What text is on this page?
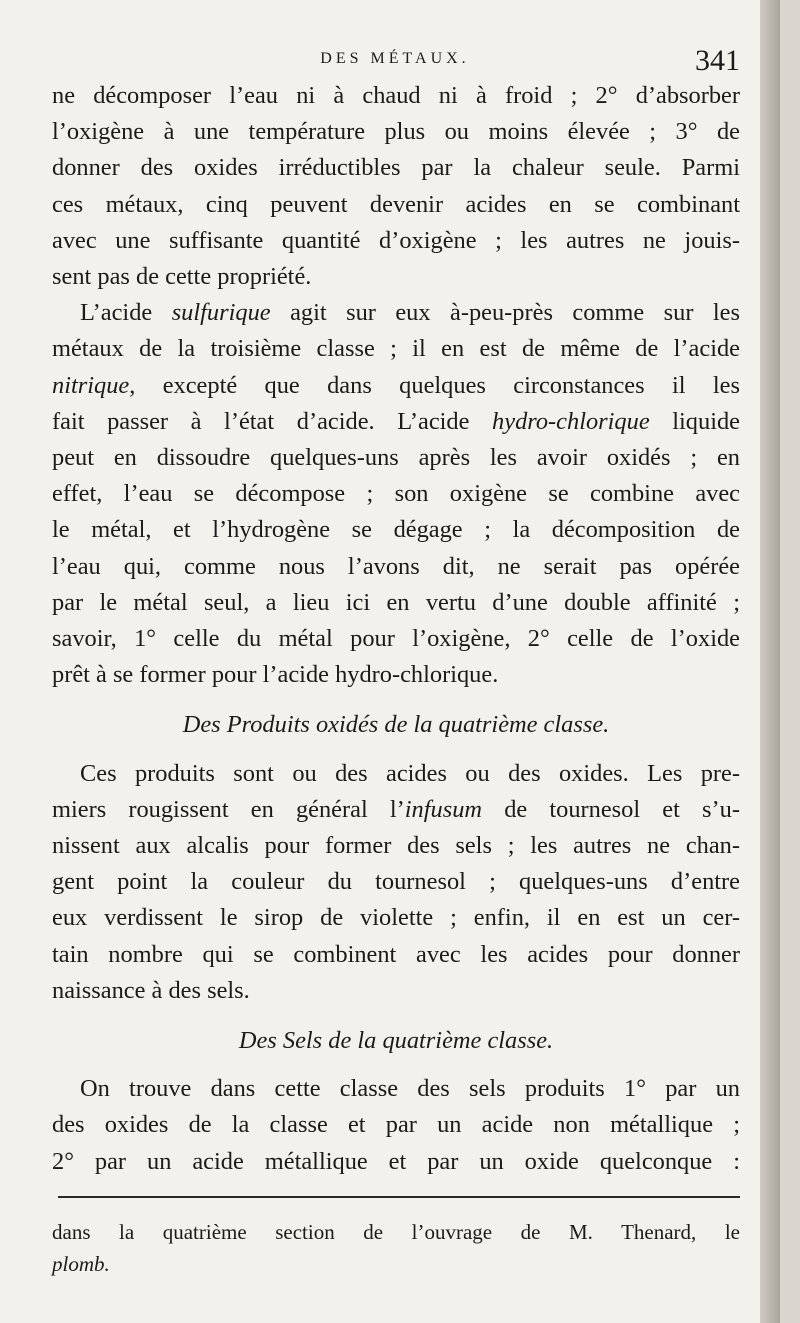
DES MÉTAUX.	341
ne décomposer l’eau ni à chaud ni à froid ; 2° d’absorber
l’oxigène à une température plus ou moins élevée ; 3° de
donner des oxides irréductibles par la chaleur seule. Parmi
ces métaux, cinq peuvent devenir acides en se combinant
avec une suffisante quantité d’oxigène ; les autres ne jouis-
sent pas de cette propriété.
L’acide sulfurique agit sur eux à-peu-près comme sur les
métaux de la troisième classe ; il en est de même de l’acide
nitrique, excepté que dans quelques circonstances il les
fait passer à l’état d’acide. L’acide hydro-chlorique liquide
peut en dissoudre quelques-uns après les avoir oxidés ; en
effet, l’eau se décompose ; son oxigène se combine avec
le métal, et l’hydrogène se dégage ; la décomposition de
l’eau qui, comme nous l’avons dit, ne serait pas opérée
par le métal seul, a lieu ici en vertu d’une double affinité ;
savoir, 1° celle du métal pour l’oxigène, 2° celle de l’oxide
prêt à se former pour l’acide hydro-chlorique.
Des Produits oxidés de la quatrième classe.
Ces produits sont ou des acides ou des oxides. Les pre-
miers rougissent en général l’infusum de tournesol et s’u-
nissent aux alcalis pour former des sels ; les autres ne chan-
gent point la couleur du tournesol ; quelques-uns d’entre
eux verdissent le sirop de violette ; enfin, il en est un cer-
tain nombre qui se combinent avec les acides pour donner
naissance à des sels.
Des Sels de la quatrième classe.
On trouve dans cette classe des sels produits 1° par un
des oxides de la classe et par un acide non métallique ;
2° par un acide métallique et par un oxide quelconque :
dans la quatrième section de l’ouvrage de M. Thenard, le
plomb.
